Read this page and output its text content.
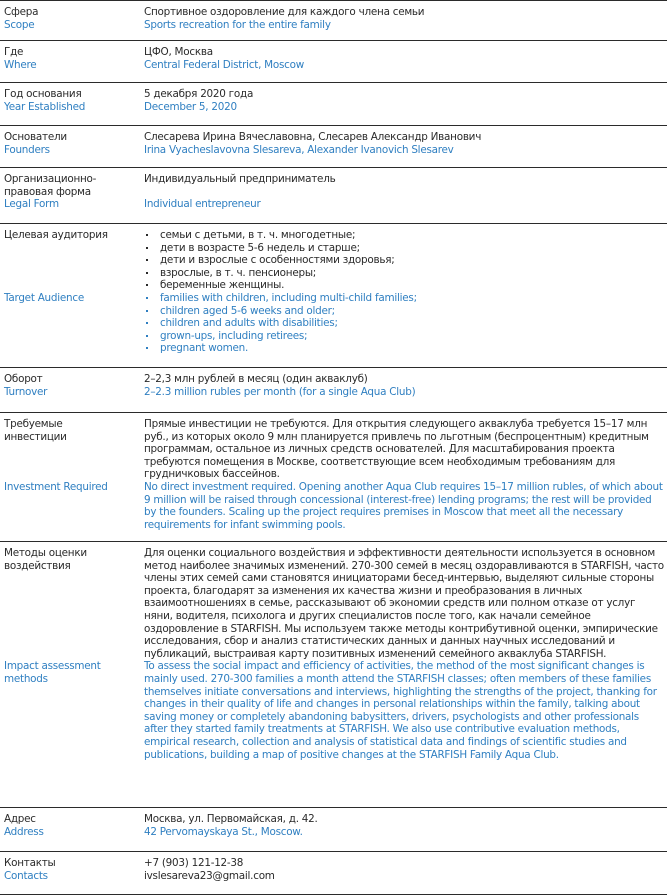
Сфера
Scope
Спортивное оздоровление для каждого члена семьи
Sports recreation for the entire family
Где
Where
ЦФО, Москва
Central Federal District, Moscow
Год основания
Year Established
5 декабря 2020 года
December 5, 2020
Основатели
Founders
Слесарева Ирина Вячеславовна, Слесарев Александр Иванович
Irina Vyacheslavovna Slesareva, Alexander Ivanovich Slesarev
Организационно-правовая форма
Legal Form
Индивидуальный предприниматель
Individual entrepreneur
Целевая аудитория
Target Audience
семьи с детьми, в т. ч. многодетные;
дети в возрасте 5-6 недель и старше;
дети и взрослые с особенностями здоровья;
взрослые, в т. ч. пенсионеры;
беременные женщины.
families with children, including multi-child families;
children aged 5-6 weeks and older;
children and adults with disabilities;
grown-ups, including retirees;
pregnant women.
Оборот
Turnover
2–2,3 млн рублей в месяц (один акваклуб)
2–2.3 million rubles per month (for a single Aqua Club)
Требуемые инвестиции
Investment Required
Прямые инвестиции не требуются. Для открытия следующего акваклуба требуется 15–17 млн руб., из которых около 9 млн планируется привлечь по льготным (беспроцентным) кредитным программам, остальное из личных средств основателей. Для масштабирования проекта требуются помещения в Москве, соответствующие всем необходимым требованиям для грудничковых бассейнов.
No direct investment required. Opening another Aqua Club requires 15–17 million rubles, of which about 9 million will be raised through concessional (interest-free) lending programs; the rest will be provided by the founders. Scaling up the project requires premises in Moscow that meet all the necessary requirements for infant swimming pools.
Методы оценки воздействия
Impact assessment methods
Для оценки социального воздействия и эффективности деятельности используется в основном метод наиболее значимых изменений. 270-300 семей в месяц оздоравливаются в STARFISH, часто члены этих семей сами становятся инициаторами бесед-интервью, выделяют сильные стороны проекта, благодарят за изменения их качества жизни и преобразования в личных взаимоотношениях в семье, рассказывают об экономии средств или полном отказе от услуг няни, водителя, психолога и других специалистов после того, как начали семейное оздоровление в STARFISH. Мы используем также методы контрибутивной оценки, эмпирические исследования, сбор и анализ статистических данных и данных научных исследований и публикаций, выстраивая карту позитивных изменений семейного акваклуба STARFISH.
To assess the social impact and efficiency of activities, the method of the most significant changes is mainly used. 270-300 families a month attend the STARFISH classes; often members of these families themselves initiate conversations and interviews, highlighting the strengths of the project, thanking for changes in their quality of life and changes in personal relationships within the family, talking about saving money or completely abandoning babysitters, drivers, psychologists and other professionals after they started family treatments at STARFISH. We also use contributive evaluation methods, empirical research, collection and analysis of statistical data and findings of scientific studies and publications, building a map of positive changes at the STARFISH Family Aqua Club.
Адрес
Address
Москва, ул. Первомайская, д. 42.
42 Pervomayskaya St., Moscow.
Контакты
Contacts
+7 (903) 121-12-38
ivslesareva23@gmail.com
